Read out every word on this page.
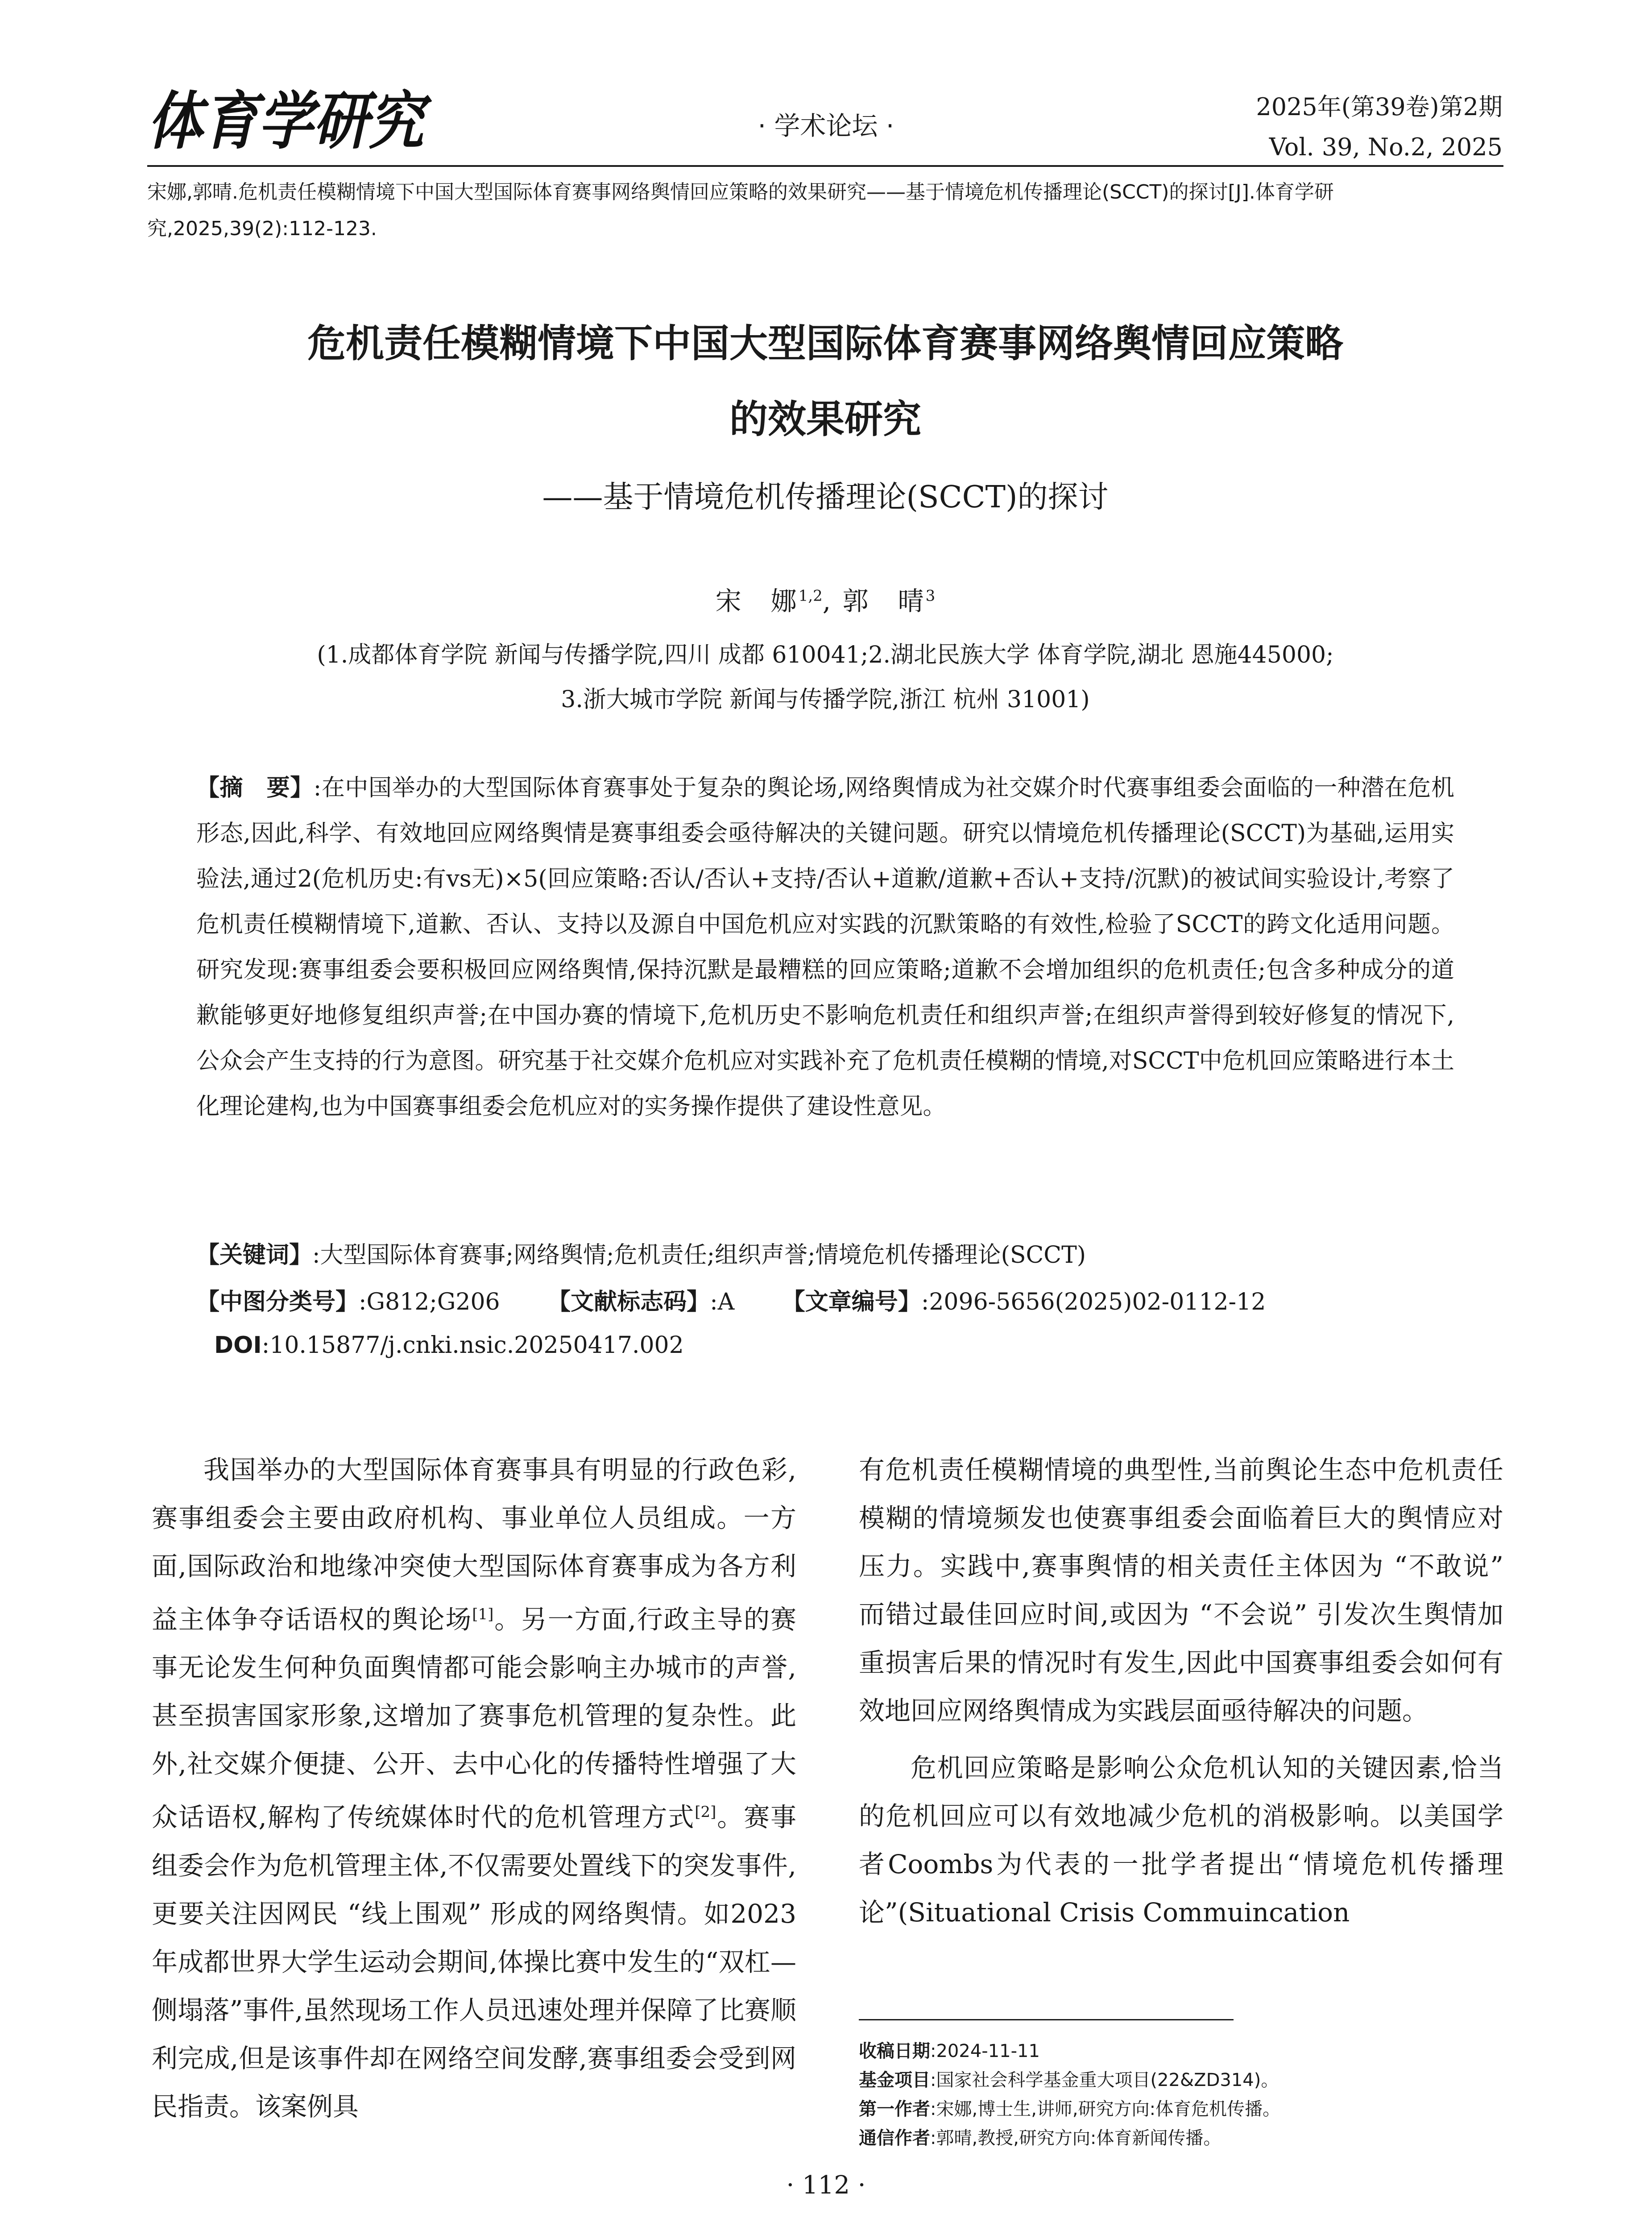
体育学研究	· 学术论坛 ·
2025年(第39卷)第2期
Vol. 39, No.2, 2025
宋娜,郭晴.危机责任模糊情境下中国大型国际体育赛事网络舆情回应策略的效果研究——基于情境危机传播理论(SCCT)的探讨[J].体育学研究,2025,39(2):112-123.
危机责任模糊情境下中国大型国际体育赛事网络舆情回应策略
的效果研究
——基于情境危机传播理论(SCCT)的探讨
宋　娜$^{1,2}$, 郭　晴$^3$
(1.成都体育学院 新闻与传播学院,四川 成都 610041;2.湖北民族大学 体育学院,湖北 恩施445000;
3.浙大城市学院 新闻与传播学院,浙江 杭州 31001)
【摘　要】:在中国举办的大型国际体育赛事处于复杂的舆论场,网络舆情成为社交媒介时代赛事组委会面临的一种潜在危机形态,因此,科学、有效地回应网络舆情是赛事组委会亟待解决的关键问题。研究以情境危机传播理论(SCCT)为基础,运用实验法,通过2(危机历史:有vs无)×5(回应策略:否认/否认+支持/否认+道歉/道歉+否认+支持/沉默)的被试间实验设计,考察了危机责任模糊情境下,道歉、否认、支持以及源自中国危机应对实践的沉默策略的有效性,检验了SCCT的跨文化适用问题。研究发现:赛事组委会要积极回应网络舆情,保持沉默是最糟糕的回应策略;道歉不会增加组织的危机责任;包含多种成分的道歉能够更好地修复组织声誉;在中国办赛的情境下,危机历史不影响危机责任和组织声誉;在组织声誉得到较好修复的情况下,公众会产生支持的行为意图。研究基于社交媒介危机应对实践补充了危机责任模糊的情境,对SCCT中危机回应策略进行本土化理论建构,也为中国赛事组委会危机应对的实务操作提供了建设性意见。
【关键词】:大型国际体育赛事;网络舆情;危机责任;组织声誉;情境危机传播理论(SCCT)
【中图分类号】:G812;G206 【文献标志码】:A 【文章编号】:2096-5656(2025)02-0112-12
DOI:10.15877/j.cnki.nsic.20250417.002

我国举办的大型国际体育赛事具有明显的行政色彩,赛事组委会主要由政府机构、事业单位人员组成。一方面,国际政治和地缘冲突使大型国际体育赛事成为各方利益主体争夺话语权的舆论场[1]。另一方面,行政主导的赛事无论发生何种负面舆情都可能会影响主办城市的声誉,甚至损害国家形象,这增加了赛事危机管理的复杂性。此外,社交媒介便捷、公开、去中心化的传播特性增强了大众话语权,解构了传统媒体时代的危机管理方式[2]。赛事组委会作为危机管理主体,不仅需要处置线下的突发事件,更要关注因网民 “线上围观” 形成的网络舆情。如2023年成都世界大学生运动会期间,体操比赛中发生的“双杠—侧塌落”事件,虽然现场工作人员迅速处理并保障了比赛顺利完成,但是该事件却在网络空间发酵,赛事组委会受到网民指责。该案例具

有危机责任模糊情境的典型性,当前舆论生态中危机责任模糊的情境频发也使赛事组委会面临着巨大的舆情应对压力。实践中,赛事舆情的相关责任主体因为 “不敢说” 而错过最佳回应时间,或因为 “不会说” 引发次生舆情加重损害后果的情况时有发生,因此中国赛事组委会如何有效地回应网络舆情成为实践层面亟待解决的问题。

危机回应策略是影响公众危机认知的关键因素,恰当的危机回应可以有效地减少危机的消极影响。以美国学者Coombs为代表的一批学者提出“情境危机传播理论”(Situational Crisis Commuincation

收稿日期:2024-11-11
基金项目:国家社会科学基金重大项目(22&ZD314)。
第一作者:宋娜,博士生,讲师,研究方向:体育危机传播。
通信作者:郭晴,教授,研究方向:体育新闻传播。
· 112 ·
